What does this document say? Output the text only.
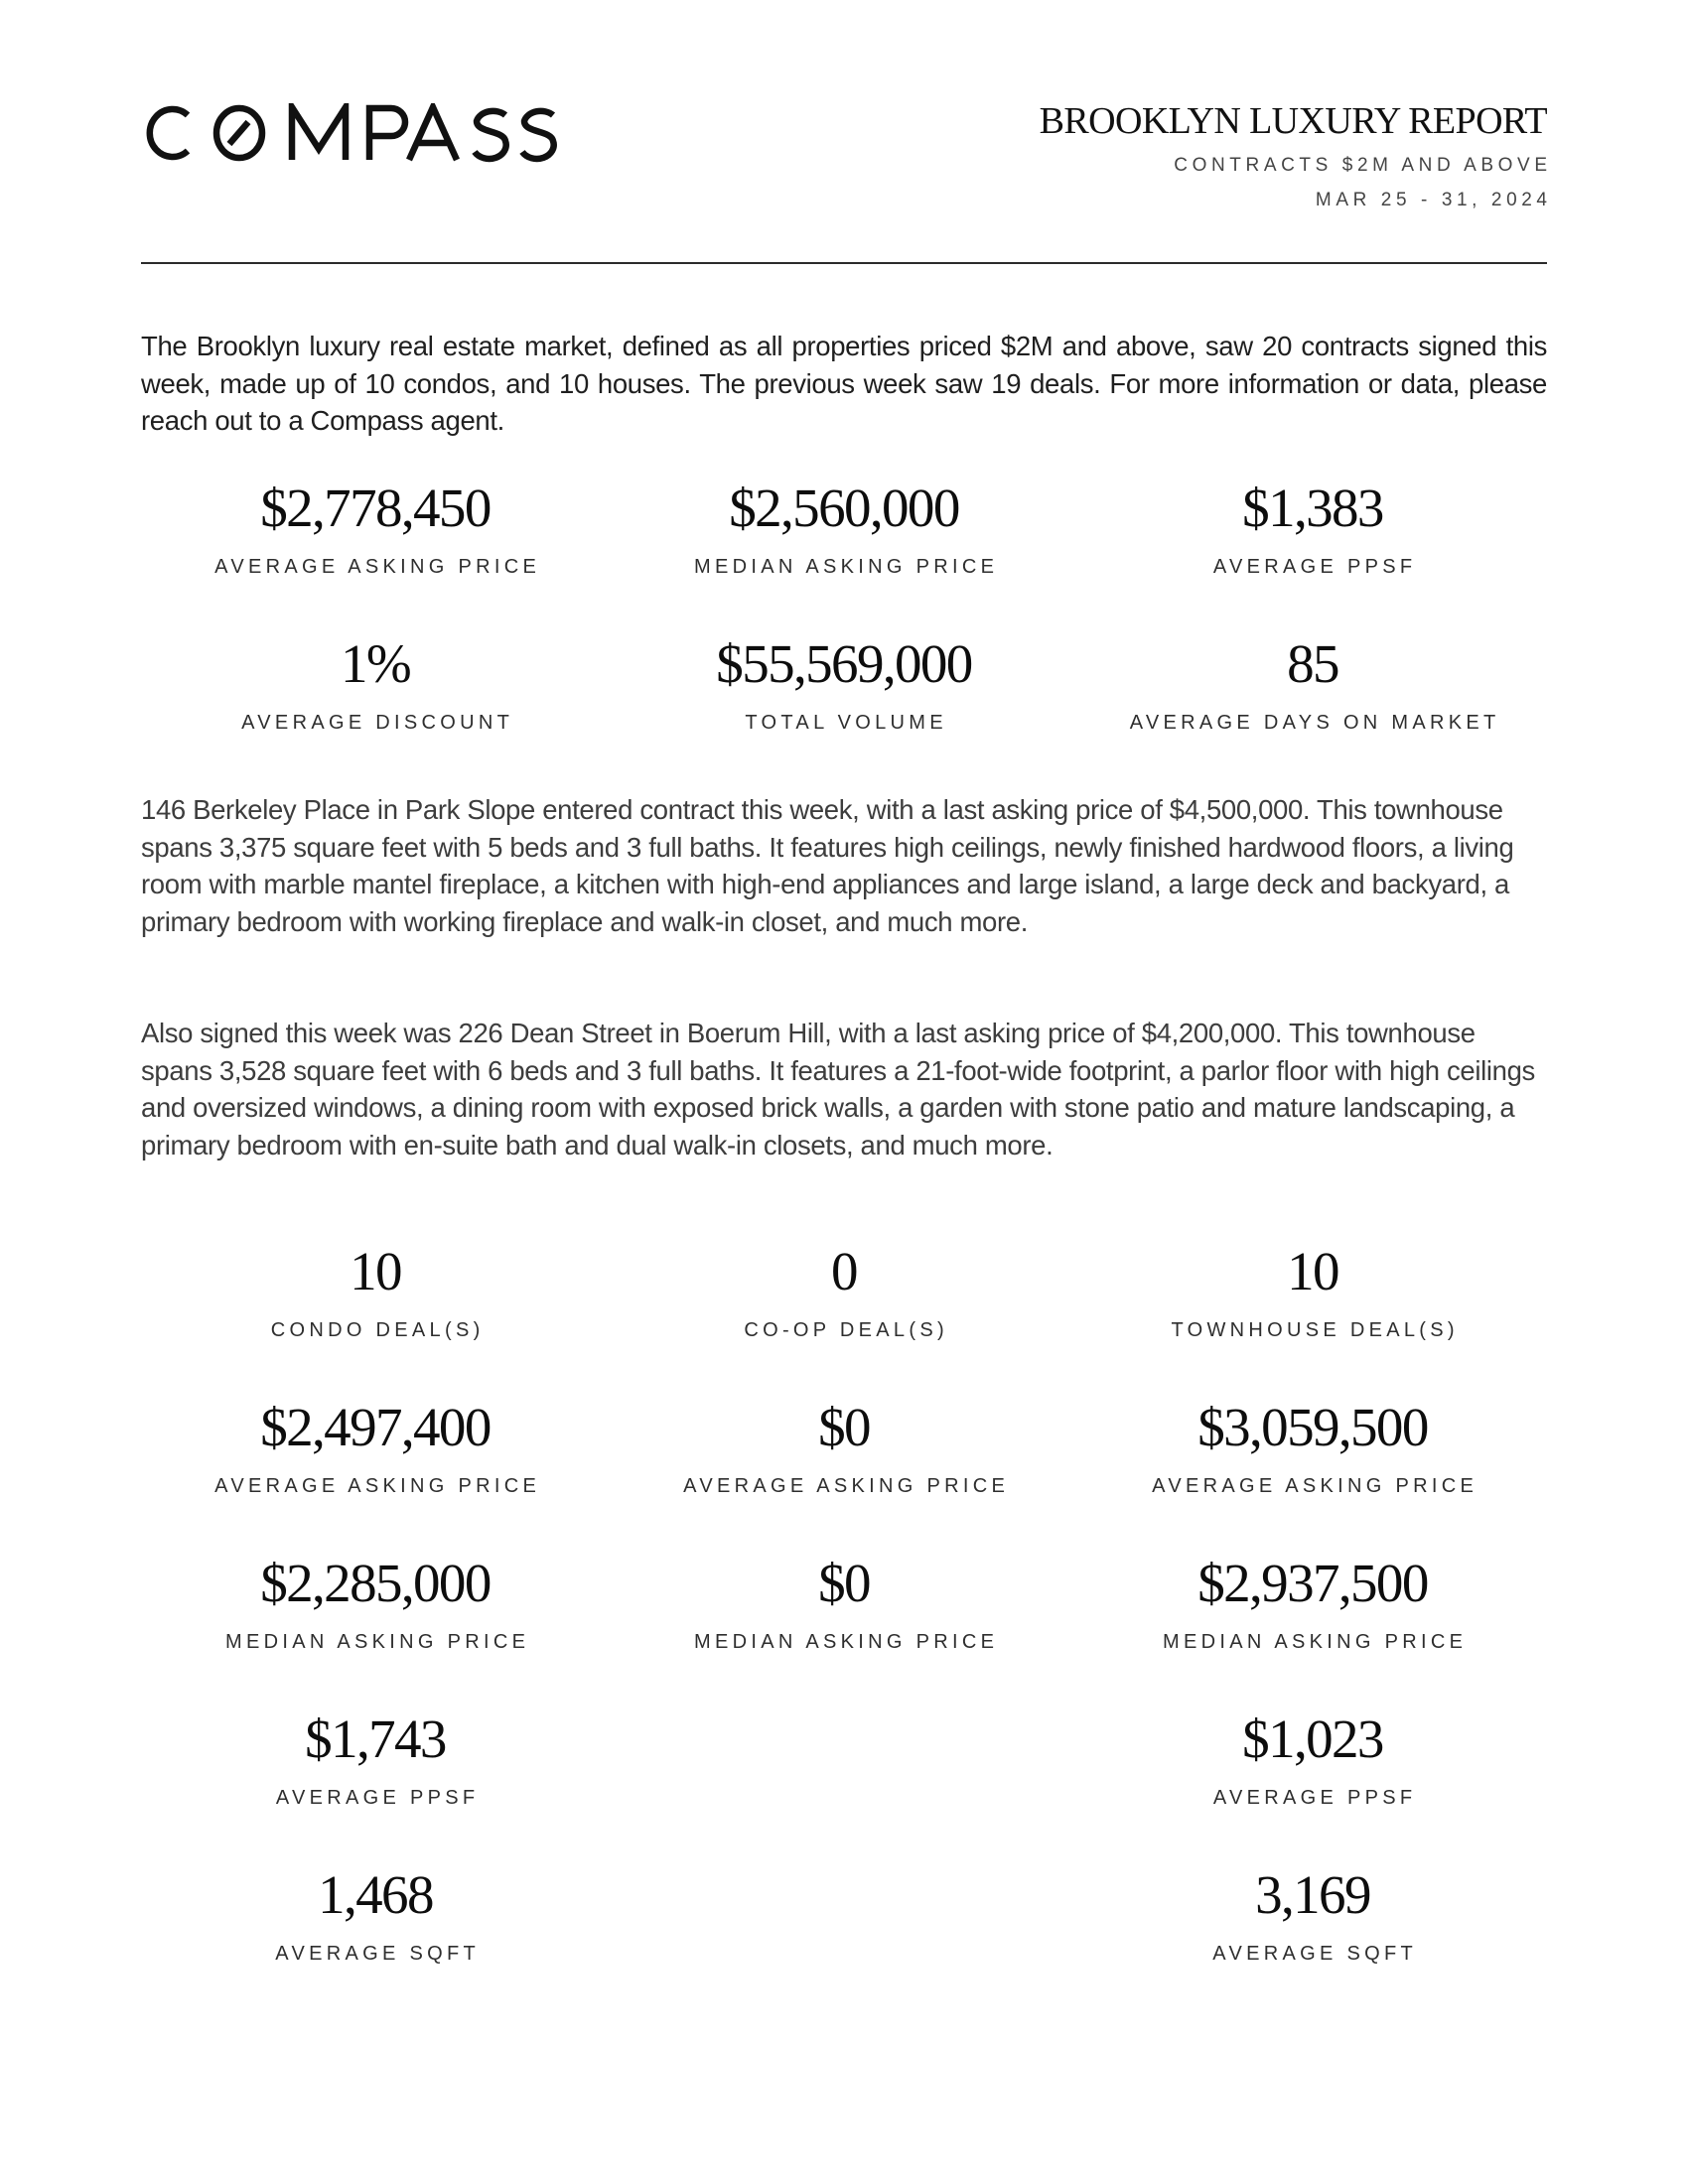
BROOKLYN LUXURY REPORT
CONTRACTS $2M AND ABOVE
MAR 25 - 31, 2024

The Brooklyn luxury real estate market, defined as all properties priced $2M and above, saw 20 contracts signed this week, made up of 10 condos, and 10 houses. The previous week saw 19 deals. For more information or data, please reach out to a Compass agent.

$2,778,450
AVERAGE ASKING PRICE
$2,560,000
MEDIAN ASKING PRICE
$1,383
AVERAGE PPSF
1%
AVERAGE DISCOUNT
$55,569,000
TOTAL VOLUME
85
AVERAGE DAYS ON MARKET

146 Berkeley Place in Park Slope entered contract this week, with a last asking price of $4,500,000. This townhouse spans 3,375 square feet with 5 beds and 3 full baths. It features high ceilings, newly finished hardwood floors, a living room with marble mantel fireplace, a kitchen with high-end appliances and large island, a large deck and backyard, a primary bedroom with working fireplace and walk-in closet, and much more.

Also signed this week was 226 Dean Street in Boerum Hill, with a last asking price of $4,200,000. This townhouse spans 3,528 square feet with 6 beds and 3 full baths. It features a 21-foot-wide footprint, a parlor floor with high ceilings and oversized windows, a dining room with exposed brick walls, a garden with stone patio and mature landscaping, a primary bedroom with en-suite bath and dual walk-in closets, and much more.

10
CONDO DEAL(S)
0
CO-OP DEAL(S)
10
TOWNHOUSE DEAL(S)
$2,497,400
AVERAGE ASKING PRICE
$0
AVERAGE ASKING PRICE
$3,059,500
AVERAGE ASKING PRICE
$2,285,000
MEDIAN ASKING PRICE
$0
MEDIAN ASKING PRICE
$2,937,500
MEDIAN ASKING PRICE
$1,743
AVERAGE PPSF
$1,023
AVERAGE PPSF
1,468
AVERAGE SQFT
3,169
AVERAGE SQFT
